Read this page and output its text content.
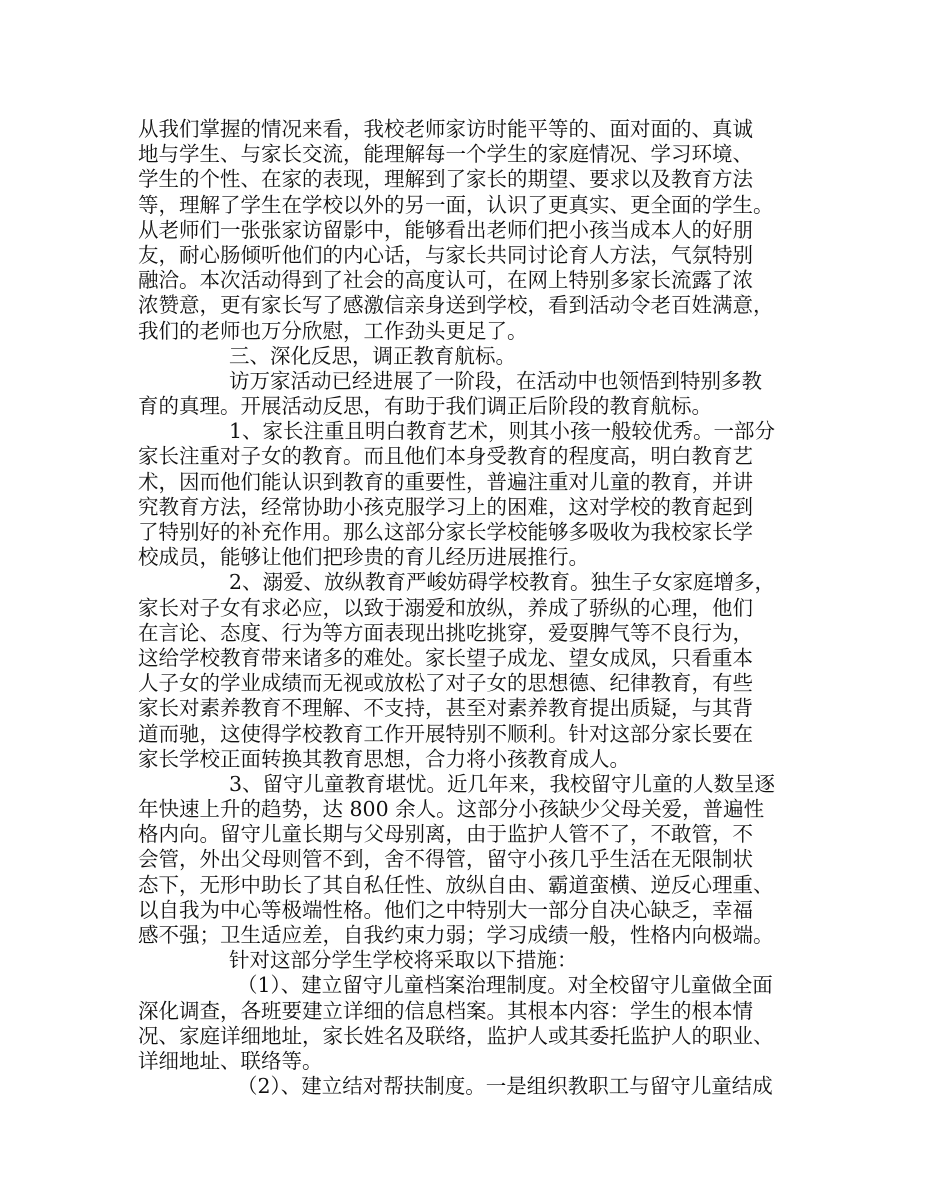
从我们掌握的情况来看，我校老师家访时能平等的、面对面的、真诚
地与学生、与家长交流，能理解每一个学生的家庭情况、学习环境、
学生的个性、在家的表现，理解到了家长的期望、要求以及教育方法
等，理解了学生在学校以外的另一面，认识了更真实、更全面的学生。
从老师们一张张家访留影中，能够看出老师们把小孩当成本人的好朋
友，耐心肠倾听他们的内心话，与家长共同讨论育人方法，气氛特别
融洽。本次活动得到了社会的高度认可，在网上特别多家长流露了浓
浓赞意，更有家长写了感激信亲身送到学校，看到活动令老百姓满意，
我们的老师也万分欣慰，工作劲头更足了。
三、深化反思，调正教育航标。
访万家活动已经进展了一阶段，在活动中也领悟到特别多教
育的真理。开展活动反思，有助于我们调正后阶段的教育航标。
1、家长注重且明白教育艺术，则其小孩一般较优秀。一部分
家长注重对子女的教育。而且他们本身受教育的程度高，明白教育艺
术，因而他们能认识到教育的重要性，普遍注重对儿童的教育，并讲
究教育方法，经常协助小孩克服学习上的困难，这对学校的教育起到
了特别好的补充作用。那么这部分家长学校能够多吸收为我校家长学
校成员，能够让他们把珍贵的育儿经历进展推行。
2、溺爱、放纵教育严峻妨碍学校教育。独生子女家庭增多，
家长对子女有求必应，以致于溺爱和放纵，养成了骄纵的心理，他们
在言论、态度、行为等方面表现出挑吃挑穿，爱耍脾气等不良行为，
这给学校教育带来诸多的难处。家长望子成龙、望女成凤，只看重本
人子女的学业成绩而无视或放松了对子女的思想德、纪律教育，有些
家长对素养教育不理解、不支持，甚至对素养教育提出质疑，与其背
道而驰，这使得学校教育工作开展特别不顺利。针对这部分家长要在
家长学校正面转换其教育思想，合力将小孩教育成人。
3、留守儿童教育堪忧。近几年来，我校留守儿童的人数呈逐
年快速上升的趋势，达 800 余人。这部分小孩缺少父母关爱，普遍性
格内向。留守儿童长期与父母别离，由于监护人管不了，不敢管，不
会管，外出父母则管不到，舍不得管，留守小孩几乎生活在无限制状
态下，无形中助长了其自私任性、放纵自由、霸道蛮横、逆反心理重、
以自我为中心等极端性格。他们之中特别大一部分自决心缺乏，幸福
感不强；卫生适应差，自我约束力弱；学习成绩一般，性格内向极端。
针对这部分学生学校将采取以下措施：
（1）、建立留守儿童档案治理制度。对全校留守儿童做全面
深化调查，各班要建立详细的信息档案。其根本内容：学生的根本情
况、家庭详细地址，家长姓名及联络，监护人或其委托监护人的职业、
详细地址、联络等。
（2）、建立结对帮扶制度。一是组织教职工与留守儿童结成
